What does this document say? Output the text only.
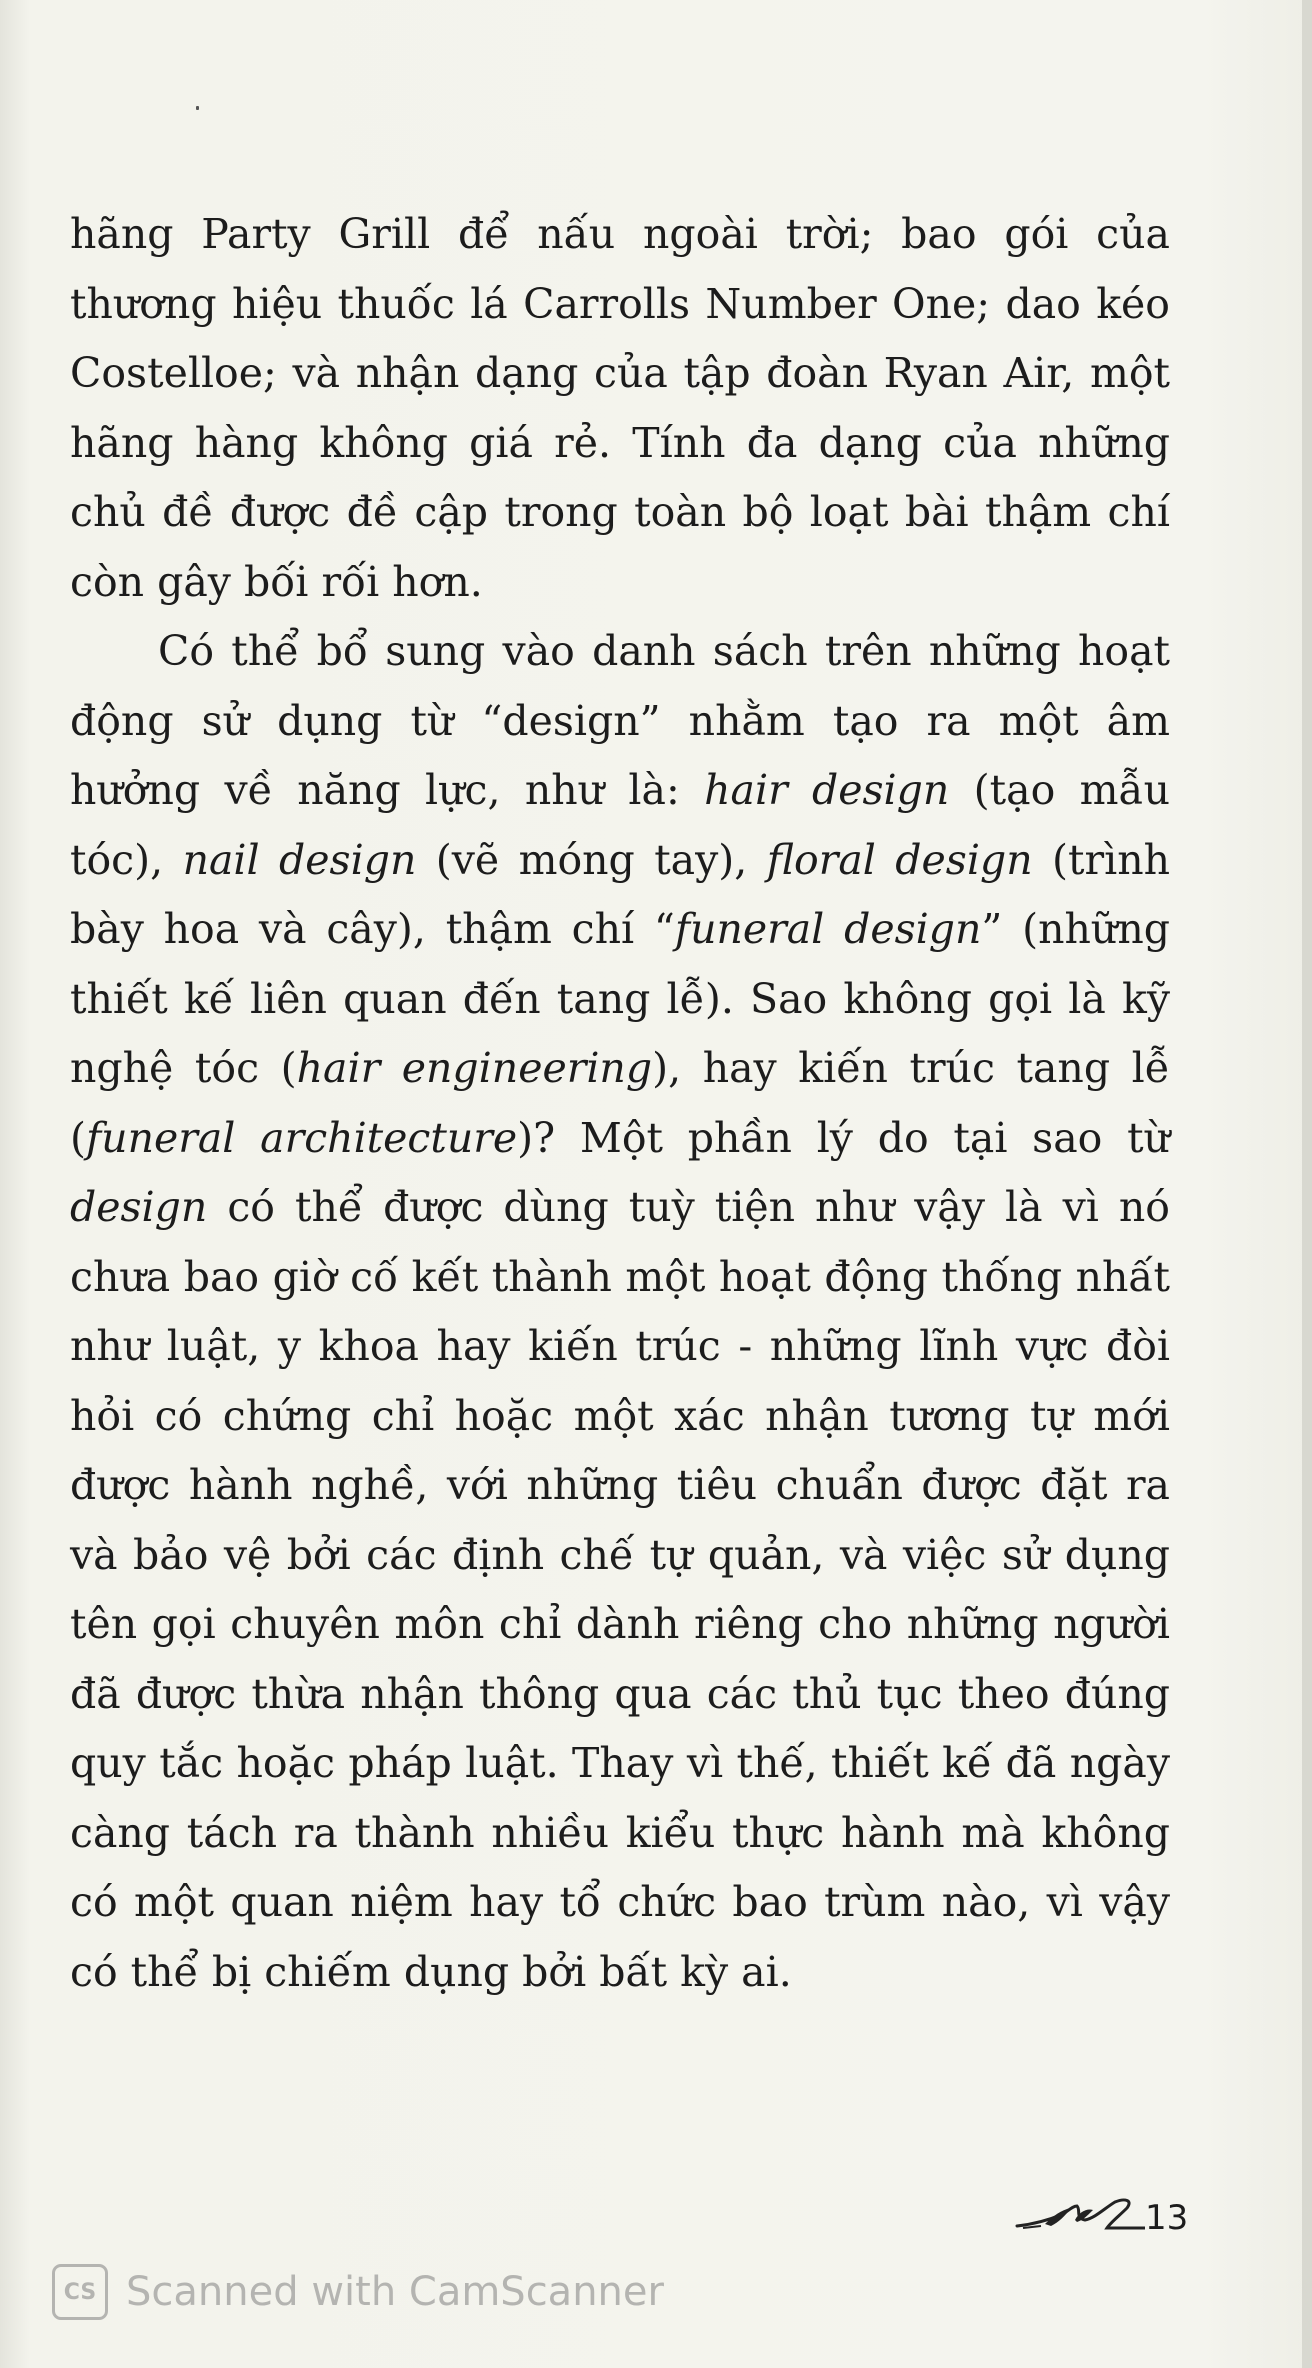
hãng Party Grill để nấu ngoài trời; bao gói của thương hiệu thuốc lá Carrolls Number One; dao kéo Costelloe; và nhận dạng của tập đoàn Ryan Air, một hãng hàng không giá rẻ. Tính đa dạng của những chủ đề được đề cập trong toàn bộ loạt bài thậm chí còn gây bối rối hơn.

Có thể bổ sung vào danh sách trên những hoạt động sử dụng từ “design” nhằm tạo ra một âm hưởng về năng lực, như là: hair design (tạo mẫu tóc), nail design (vẽ móng tay), floral design (trình bày hoa và cây), thậm chí “funeral design” (những thiết kế liên quan đến tang lễ). Sao không gọi là kỹ nghệ tóc (hair engineering), hay kiến trúc tang lễ (funeral architecture)? Một phần lý do tại sao từ design có thể được dùng tuỳ tiện như vậy là vì nó chưa bao giờ cố kết thành một hoạt động thống nhất như luật, y khoa hay kiến trúc - những lĩnh vực đòi hỏi có chứng chỉ hoặc một xác nhận tương tự mới được hành nghề, với những tiêu chuẩn được đặt ra và bảo vệ bởi các định chế tự quản, và việc sử dụng tên gọi chuyên môn chỉ dành riêng cho những người đã được thừa nhận thông qua các thủ tục theo đúng quy tắc hoặc pháp luật. Thay vì thế, thiết kế đã ngày càng tách ra thành nhiều kiểu thực hành mà không có một quan niệm hay tổ chức bao trùm nào, vì vậy có thể bị chiếm dụng bởi bất kỳ ai.

13
CS Scanned with CamScanner
